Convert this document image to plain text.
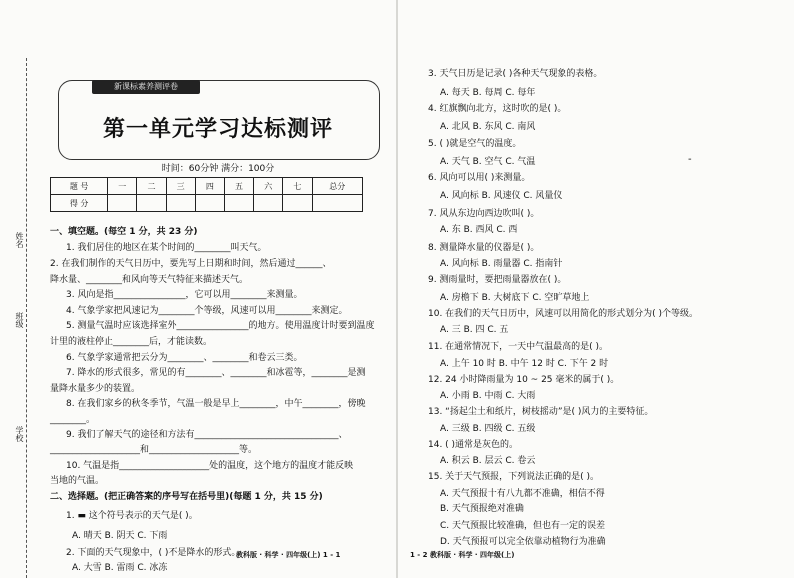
姓名
班级
学校
新课标素养测评卷
第一单元学习达标测评
时间：60分钟 满分：100分
题 号	一	二	三	四	五	六	七	总分
得 分								
一、填空题。(每空 1 分，共 23 分)
1. 我们居住的地区在某个时间的________叫天气。
2. 在我们制作的天气日历中，要先写上日期和时间，然后通过______、
降水量、________和风向等天气特征来描述天气。
3. 风向是指________________，它可以用________来测量。
4. 气象学家把风速记为________个等级，风速可以用________来测定。
5. 测量气温时应该选择室外________________的地方。使用温度计时要到温度
计里的液柱停止________后，才能读数。
6. 气象学家通常把云分为________、________和卷云三类。
7. 降水的形式很多，常见的有________、________和冰雹等，________是测
量降水量多少的装置。
8. 在我们家乡的秋冬季节，气温一般是早上________，中午________，傍晚
________。
9. 我们了解天气的途径和方法有________________________________、
____________________和____________________等。
10. 气温是指____________________处的温度，这个地方的温度才能反映
当地的气温。
二、选择题。(把正确答案的序号写在括号里)(每题 1 分，共 15 分)
1. ▬ 这个符号表示的天气是( )。
A. 晴天 B. 阴天 C. 下雨
2. 下面的天气现象中，( )不是降水的形式。
A. 大雪 B. 雷雨 C. 冰冻
3. 天气日历是记录( )各种天气现象的表格。
A. 每天 B. 每周 C. 每年
4. 红旗飘向北方，这时吹的是( )。
A. 北风 B. 东风 C. 南风
5. ( )就是空气的温度。
A. 天气 B. 空气 C. 气温
6. 风向可以用( )来测量。
A. 风向标 B. 风速仪 C. 风量仪
7. 风从东边向西边吹叫( )。
A. 东 B. 西风 C. 西
8. 测量降水量的仪器是( )。
A. 风向标 B. 雨量器 C. 指南针
9. 测雨量时，要把雨量器放在( )。
A. 房檐下 B. 大树底下 C. 空旷草地上
10. 在我们的天气日历中，风速可以用简化的形式划分为( )个等级。
A. 三 B. 四 C. 五
11. 在通常情况下，一天中气温最高的是( )。
A. 上午 10 时 B. 中午 12 时 C. 下午 2 时
12. 24 小时降雨量为 10 ~ 25 毫米的属于( )。
A. 小雨 B. 中雨 C. 大雨
13. “扬起尘土和纸片，树枝摇动”是( )风力的主要特征。
A. 三级 B. 四级 C. 五级
14. ( )通常是灰色的。
A. 积云 B. 层云 C. 卷云
15. 关于天气预报，下列说法正确的是( )。
A. 天气预报十有八九都不准确，相信不得
B. 天气预报绝对准确
C. 天气预报比较准确，但也有一定的误差
D. 天气预报可以完全依靠动植物行为准确
-
教科版 · 科学 · 四年级(上) 1 - 1	1 - 2 教科版 · 科学 · 四年级(上)
